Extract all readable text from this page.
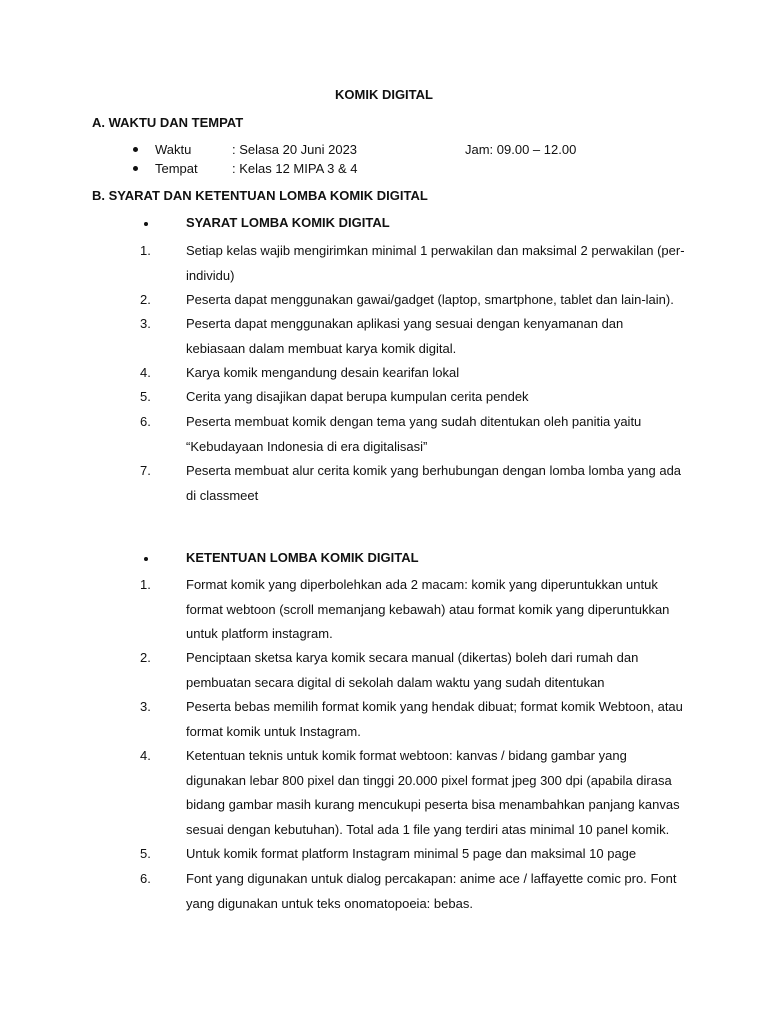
KOMIK DIGITAL
A. WAKTU DAN TEMPAT
Waktu	: Selasa 20 Juni 2023	Jam: 09.00 – 12.00
Tempat	: Kelas 12 MIPA 3 & 4
B. SYARAT DAN KETENTUAN LOMBA KOMIK DIGITAL
SYARAT LOMBA KOMIK DIGITAL
1.	Setiap kelas wajib mengirimkan minimal 1 perwakilan dan maksimal 2 perwakilan (per-individu)
2.	Peserta dapat menggunakan gawai/gadget (laptop, smartphone, tablet dan lain-lain).
3.	Peserta dapat menggunakan aplikasi yang sesuai dengan kenyamanan dan kebiasaan dalam membuat karya komik digital.
4.	Karya komik mengandung desain kearifan lokal
5.	Cerita yang disajikan dapat berupa kumpulan cerita pendek
6.	Peserta membuat komik dengan tema yang sudah ditentukan oleh panitia yaitu “Kebudayaan Indonesia di era digitalisasi”
7.	Peserta membuat alur cerita komik yang berhubungan dengan lomba lomba yang ada di classmeet
KETENTUAN LOMBA KOMIK DIGITAL
1.	Format komik yang diperbolehkan ada 2 macam: komik yang diperuntukkan untuk format webtoon (scroll memanjang kebawah) atau format komik yang diperuntukkan untuk platform instagram.
2.	Penciptaan sketsa karya komik secara manual (dikertas) boleh dari rumah dan pembuatan secara digital di sekolah dalam waktu yang sudah ditentukan
3.	Peserta bebas memilih format komik yang hendak dibuat; format komik Webtoon, atau format komik untuk Instagram.
4.	Ketentuan teknis untuk komik format webtoon: kanvas / bidang gambar yang digunakan lebar 800 pixel dan tinggi 20.000 pixel format jpeg 300 dpi (apabila dirasa bidang gambar masih kurang mencukupi peserta bisa menambahkan panjang kanvas sesuai dengan kebutuhan). Total ada 1 file yang terdiri atas minimal 10 panel komik.
5.	Untuk komik format platform Instagram minimal 5 page dan maksimal 10 page
6.	Font yang digunakan untuk dialog percakapan: anime ace / laffayette comic pro. Font yang digunakan untuk teks onomatopoeia: bebas.
